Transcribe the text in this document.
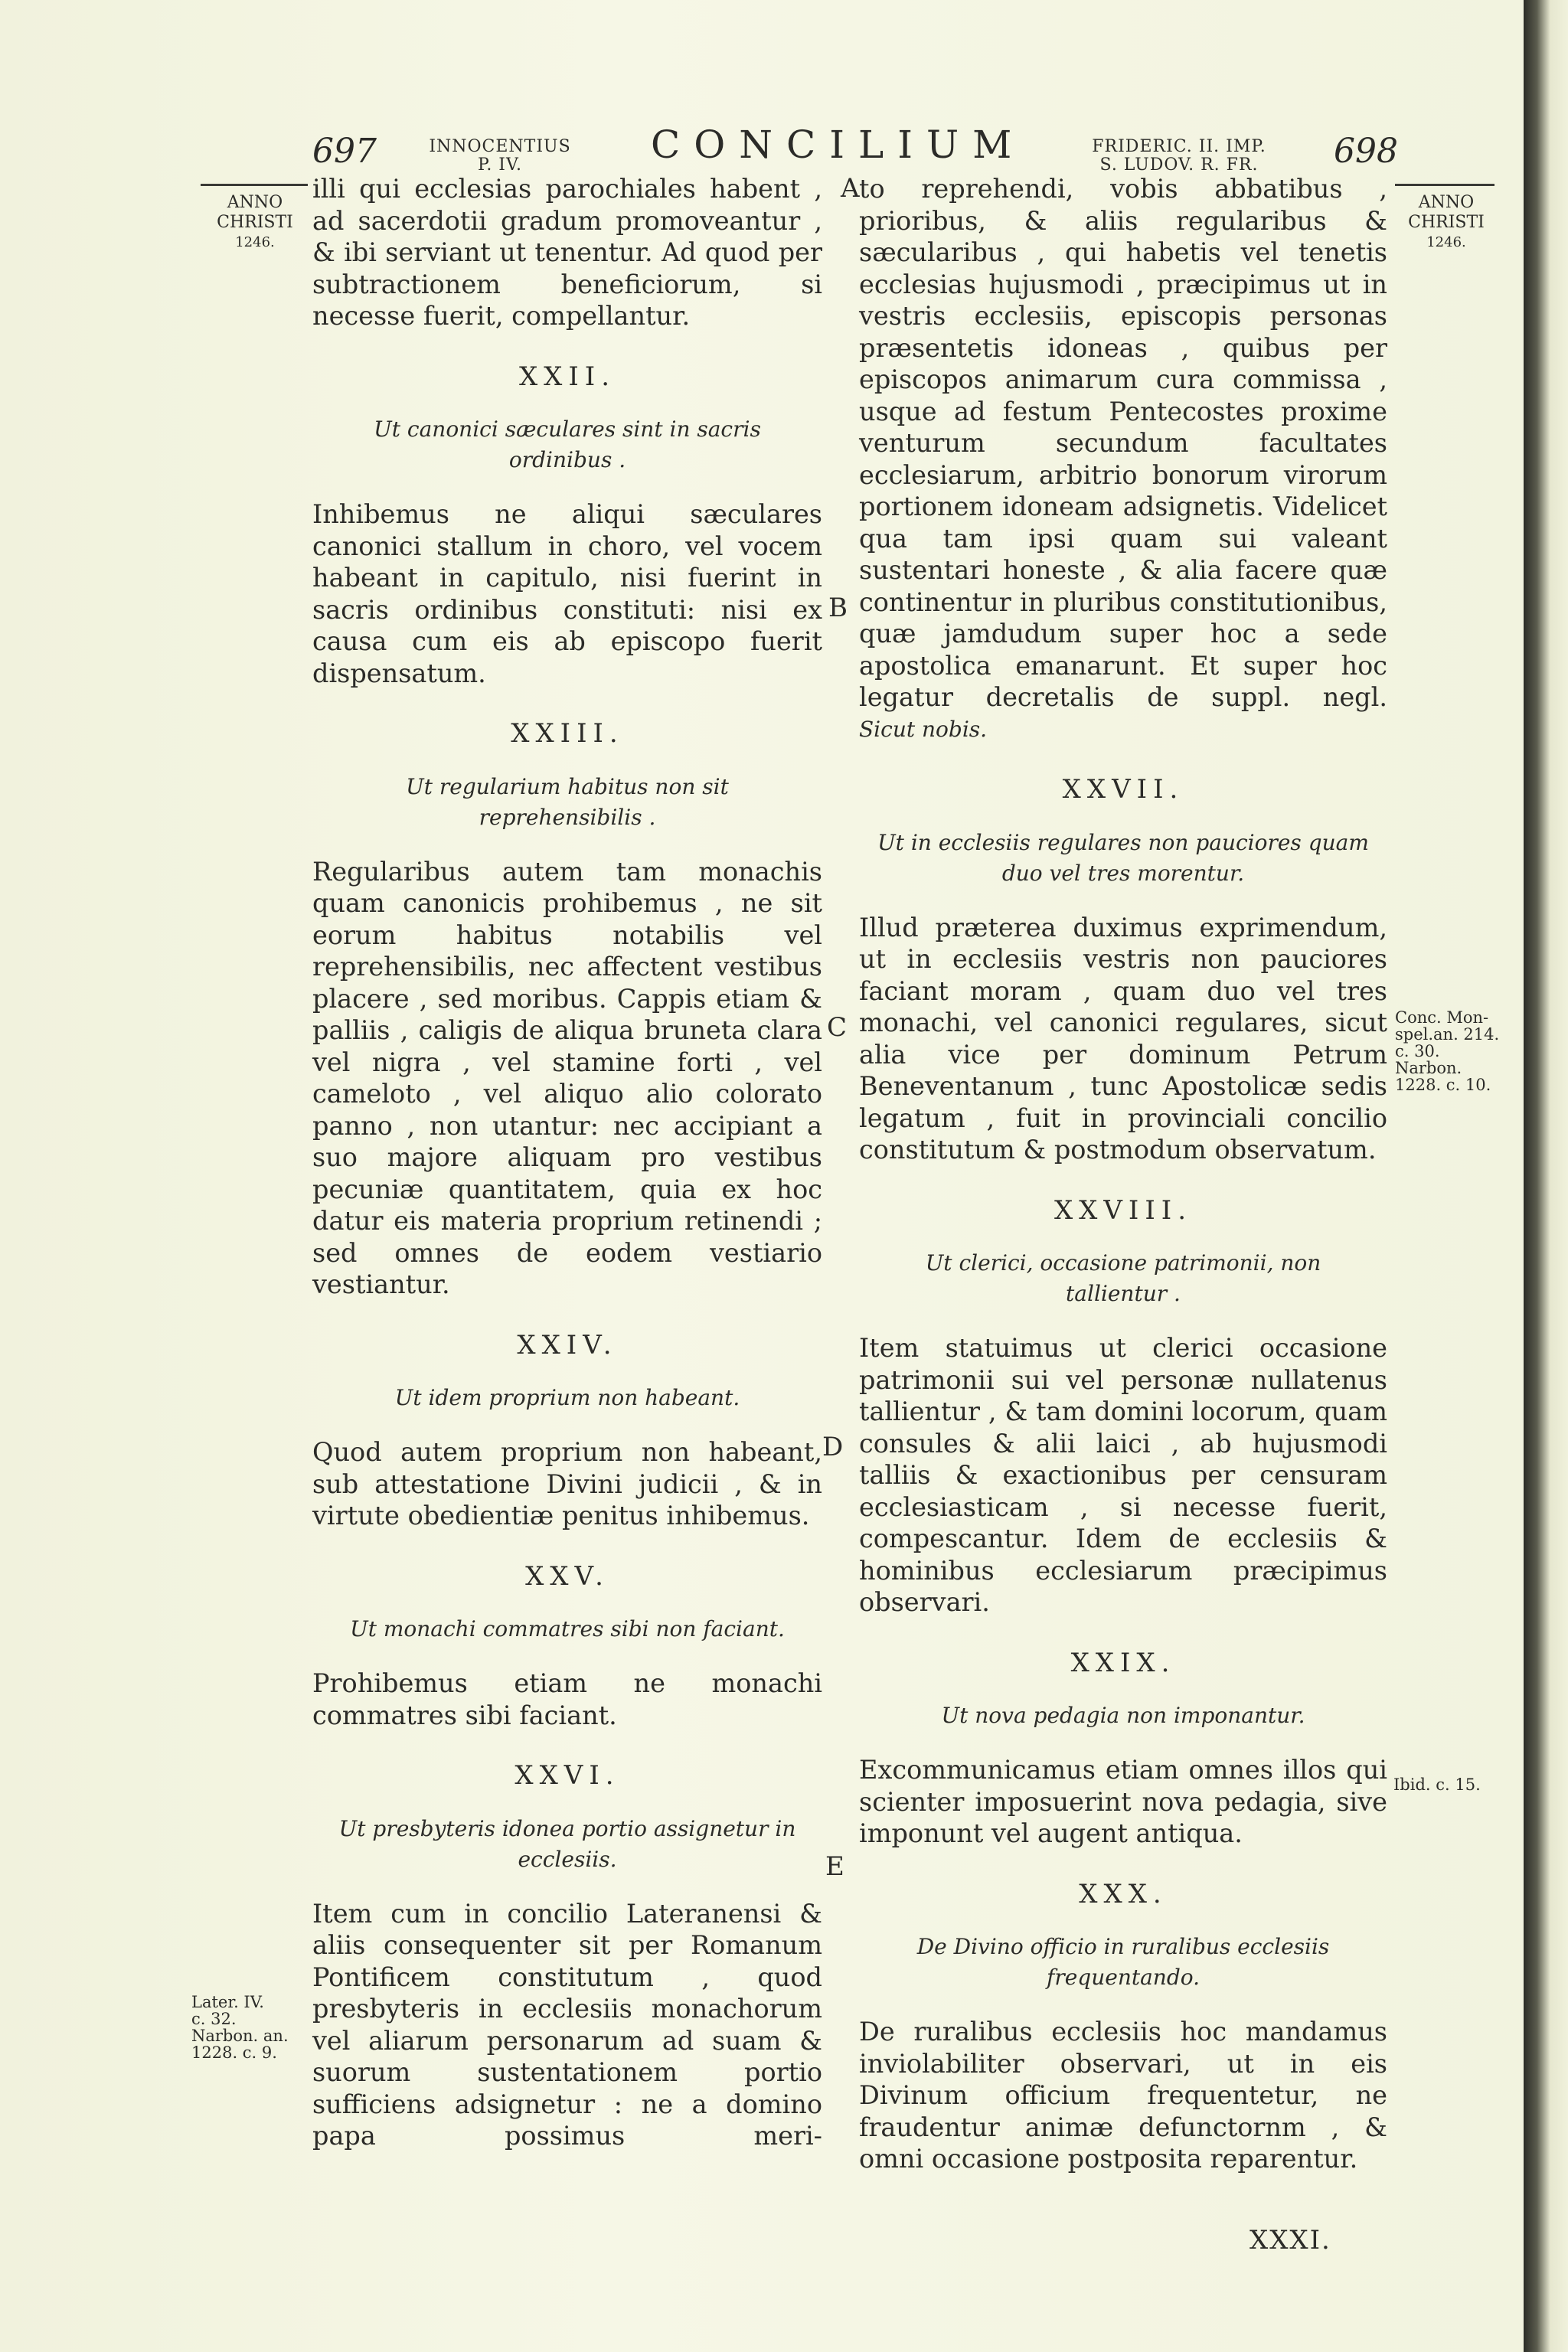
697	INNOCENTIUS
P. IV.	CONCILIUM	FRIDERIC. II. IMP.
S. LUDOV. R. FR.	698
ANNO
CHRISTI
1246.
ANNO
CHRISTI
1246.

illi qui ecclesias parochiales habent , ad sacerdotii gradum promoveantur , & ibi serviant ut tenentur. Ad quod per subtractionem beneficiorum, si necesse fuerit, compellantur.

XXII.
Ut canonici sæculares sint in sacris ordinibus .

Inhibemus ne aliqui sæculares canonici stallum in choro, vel vocem habeant in capitulo, nisi fuerint in sacris ordinibus constituti: nisi ex causa cum eis ab episcopo fuerit dispensatum.

XXIII.
Ut regularium habitus non sit reprehensibilis .

Regularibus autem tam monachis quam canonicis prohibemus , ne sit eorum habitus notabilis vel reprehensibilis, nec affectent vestibus placere , sed moribus. Cappis etiam & palliis , caligis de aliqua bruneta clara vel nigra , vel stamine forti , vel cameloto , vel aliquo alio colorato panno , non utantur: nec accipiant a suo majore aliquam pro vestibus pecuniæ quantitatem, quia ex hoc datur eis materia proprium retinendi ; sed omnes de eodem vestiario vestiantur.

XXIV.
Ut idem proprium non habeant.

Quod autem proprium non habeant, sub attestatione Divini judicii , & in virtute obedientiæ penitus inhibemus.

XXV.
Ut monachi commatres sibi non faciant.

Prohibemus etiam ne monachi commatres sibi faciant.

XXVI.
Ut presbyteris idonea portio assignetur in ecclesiis.

Item cum in concilio Lateranensi & aliis consequenter sit per Romanum Pontificem constitutum , quod presbyteris in ecclesiis monachorum vel aliarum personarum ad suam & suorum sustentationem portio sufficiens adsignetur : ne a domino papa possimus meri-

to reprehendi, vobis abbatibus , prioribus, & aliis regularibus & sæcularibus , qui habetis vel tenetis ecclesias hujusmodi , præcipimus ut in vestris ecclesiis, episcopis personas præsentetis idoneas , quibus per episcopos animarum cura commissa , usque ad festum Pentecostes proxime venturum secundum facultates ecclesiarum, arbitrio bonorum virorum portionem idoneam adsignetis. Videlicet qua tam ipsi quam sui valeant sustentari honeste , & alia facere quæ continentur in pluribus constitutionibus, quæ jamdudum super hoc a sede apostolica emanarunt. Et super hoc legatur decretalis de suppl. negl.

Sicut nobis.

XXVII.
Ut in ecclesiis regulares non pauciores quam duo vel tres morentur.

Illud præterea duximus exprimendum, ut in ecclesiis vestris non pauciores faciant moram , quam duo vel tres monachi, vel canonici regulares, sicut alia vice per dominum Petrum Beneventanum , tunc Apostolicæ sedis legatum , fuit in provinciali concilio constitutum & postmodum observatum.

XXVIII.
Ut clerici, occasione patrimonii, non tallientur .

Item statuimus ut clerici occasione patrimonii sui vel personæ nullatenus tallientur , & tam domini locorum, quam consules & alii laici , ab hujusmodi talliis & exactionibus per censuram ecclesiasticam , si necesse fuerit, compescantur. Idem de ecclesiis & hominibus ecclesiarum præcipimus observari.

XXIX.
Ut nova pedagia non imponantur.

Excommunicamus etiam omnes illos qui scienter imposuerint nova pedagia, sive imponunt vel augent antiqua.

XXX.
De Divino officio in ruralibus ecclesiis frequentando.

De ruralibus ecclesiis hoc mandamus inviolabiliter observari, ut in eis Divinum officium frequentetur, ne fraudentur animæ defunctornm , & omni occasione postposita reparentur.

XXXI.
A
B
C
D
E
Conc. Mon-
spel.an. 214.
c. 30.
Narbon.
1228. c. 10.
Ibid. c. 15.
Later. IV.
c. 32.
Narbon. an.
1228. c. 9.
